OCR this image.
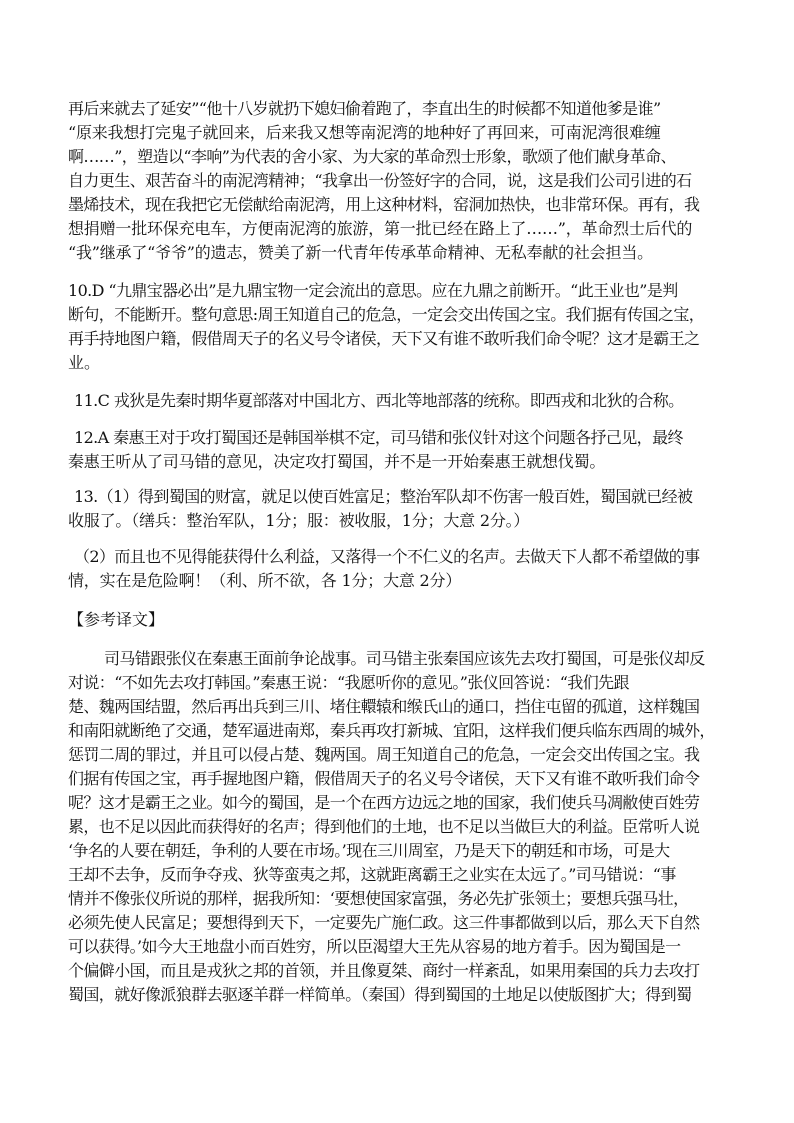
再后来就去了延安”“他十八岁就扔下媳妇偷着跑了，李直出生的时候都不知道他爹是谁”
“原来我想打完鬼子就回来，后来我又想等南泥湾的地种好了再回来，可南泥湾很难缠
啊……”，塑造以“李响”为代表的舍小家、为大家的革命烈士形象，歌颂了他们献身革命、
自力更生、艰苦奋斗的南泥湾精神；“我拿出一份签好字的合同，说，这是我们公司引进的石
墨烯技术，现在我把它无偿献给南泥湾，用上这种材料，窑洞加热快，也非常环保。再有，我
想捐赠一批环保充电车，方便南泥湾的旅游，第一批已经在路上了……”，革命烈士后代的
“我”继承了“爷爷”的遗志，赞美了新一代青年传承革命精神、无私奉献的社会担当。
10.D “九鼎宝器必出”是九鼎宝物一定会流出的意思。应在九鼎之前断开。“此王业也”是判
断句，不能断开。整句意思:周王知道自己的危急，一定会交出传国之宝。我们据有传国之宝，
再手持地图户籍，假借周天子的名义号令诸侯，天下又有谁不敢听我们命令呢？这才是霸王之
业。
11.C 戎狄是先秦时期华夏部落对中国北方、西北等地部落的统称。即西戎和北狄的合称。
12.A 秦惠王对于攻打蜀国还是韩国举棋不定，司马错和张仪针对这个问题各抒己见，最终
秦惠王听从了司马错的意见，决定攻打蜀国，并不是一开始秦惠王就想伐蜀。
13.（1）得到蜀国的财富，就足以使百姓富足；整治军队却不伤害一般百姓，蜀国就已经被
收服了。（缮兵：整治军队，1分；服：被收服，1分；大意 2分。）
（2）而且也不见得能获得什么利益，又落得一个不仁义的名声。去做天下人都不希望做的事
情，实在是危险啊！（利、所不欲，各 1分；大意 2分）
【参考译文】
司马错跟张仪在秦惠王面前争论战事。司马错主张秦国应该先去攻打蜀国，可是张仪却反
对说：“不如先去攻打韩国。”秦惠王说：“我愿听你的意见。”张仪回答说：“我们先跟
楚、魏两国结盟，然后再出兵到三川、堵住轘辕和缑氏山的通口，挡住屯留的孤道，这样魏国
和南阳就断绝了交通，楚军逼进南郑，秦兵再攻打新城、宜阳，这样我们便兵临东西周的城外，
惩罚二周的罪过，并且可以侵占楚、魏两国。周王知道自己的危急，一定会交出传国之宝。我
们据有传国之宝，再手握地图户籍，假借周天子的名义号令诸侯，天下又有谁不敢听我们命令
呢？这才是霸王之业。如今的蜀国，是一个在西方边远之地的国家，我们使兵马凋敝使百姓劳
累，也不足以因此而获得好的名声；得到他们的土地，也不足以当做巨大的利益。臣常听人说
‘争名的人要在朝廷，争利的人要在市场。’现在三川周室，乃是天下的朝廷和市场，可是大
王却不去争，反而争夺戎、狄等蛮夷之邦，这就距离霸王之业实在太远了。”司马错说：“事
情并不像张仪所说的那样，据我所知：‘要想使国家富强，务必先扩张领土；要想兵强马壮，
必须先使人民富足；要想得到天下，一定要先广施仁政。这三件事都做到以后，那么天下自然
可以获得。’如今大王地盘小而百姓穷，所以臣渴望大王先从容易的地方着手。因为蜀国是一
个偏僻小国，而且是戎狄之邦的首领，并且像夏桀、商纣一样紊乱，如果用秦国的兵力去攻打
蜀国，就好像派狼群去驱逐羊群一样简单。（秦国）得到蜀国的土地足以使版图扩大；得到蜀
